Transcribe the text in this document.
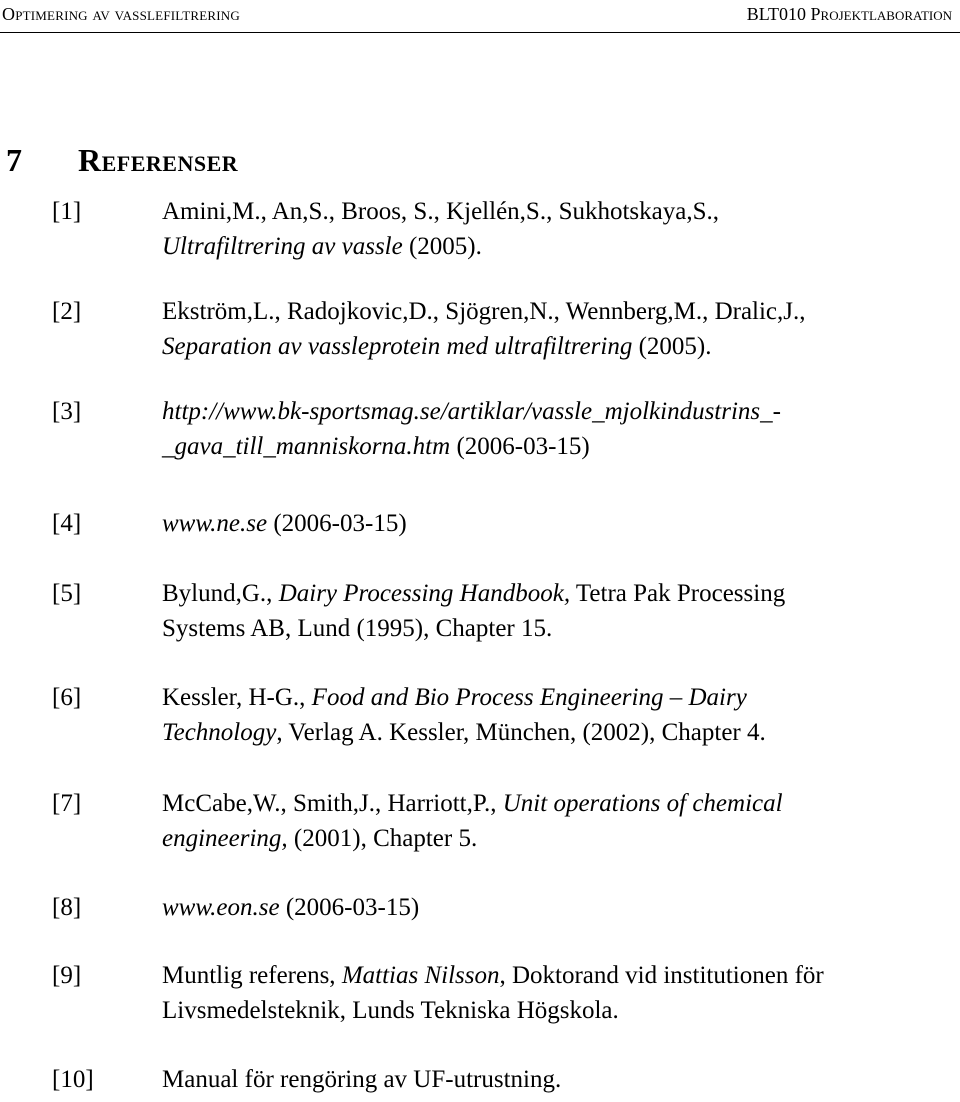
Optimering av vasslefiltrering	BLT010 Projektlaboration
7 Referenser
[1]	Amini,M., An,S., Broos, S., Kjellén,S., Sukhotskaya,S.,
Ultrafiltrering av vassle (2005).
[2]	Ekström,L., Radojkovic,D., Sjögren,N., Wennberg,M., Dralic,J.,
Separation av vassleprotein med ultrafiltrering (2005).
[3]	http://www.bk-sportsmag.se/artiklar/vassle_mjolkindustrins_-
_gava_till_manniskorna.htm (2006-03-15)
[4]	www.ne.se (2006-03-15)
[5]	Bylund,G., Dairy Processing Handbook, Tetra Pak Processing
Systems AB, Lund (1995), Chapter 15.
[6]	Kessler, H-G., Food and Bio Process Engineering – Dairy
Technology, Verlag A. Kessler, München, (2002), Chapter 4.
[7]	McCabe,W., Smith,J., Harriott,P., Unit operations of chemical
engineering, (2001), Chapter 5.
[8]	www.eon.se (2006-03-15)
[9]	Muntlig referens, Mattias Nilsson, Doktorand vid institutionen för
Livsmedelsteknik, Lunds Tekniska Högskola.
[10]	Manual för rengöring av UF-utrustning.
